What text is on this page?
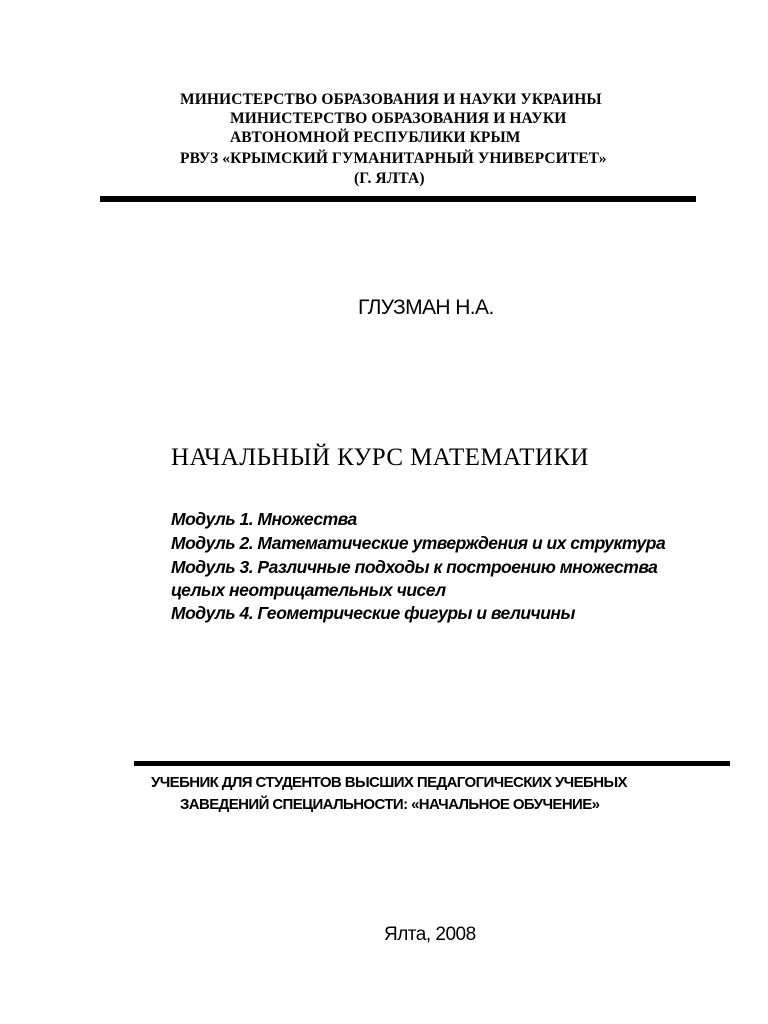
МИНИСТЕРСТВО ОБРАЗОВАНИЯ И НАУКИ УКРАИНЫ
МИНИСТЕРСТВО ОБРАЗОВАНИЯ И НАУКИ
АВТОНОМНОЙ РЕСПУБЛИКИ КРЫМ
РВУЗ «КРЫМСКИЙ ГУМАНИТАРНЫЙ УНИВЕРСИТЕТ»
(Г. ЯЛТА)
ГЛУЗМАН Н.А.
НАЧАЛЬНЫЙ КУРС МАТЕМАТИКИ
Модуль 1. Множества
Модуль 2. Математические утверждения и их структура
Модуль 3. Различные подходы к построению множества
целых неотрицательных чисел
Модуль 4. Геометрические фигуры и величины
УЧЕБНИК ДЛЯ СТУДЕНТОВ ВЫСШИХ ПЕДАГОГИЧЕСКИХ УЧЕБНЫХ
ЗАВЕДЕНИЙ СПЕЦИАЛЬНОСТИ: «НАЧАЛЬНОЕ ОБУЧЕНИЕ»
Ялта, 2008
